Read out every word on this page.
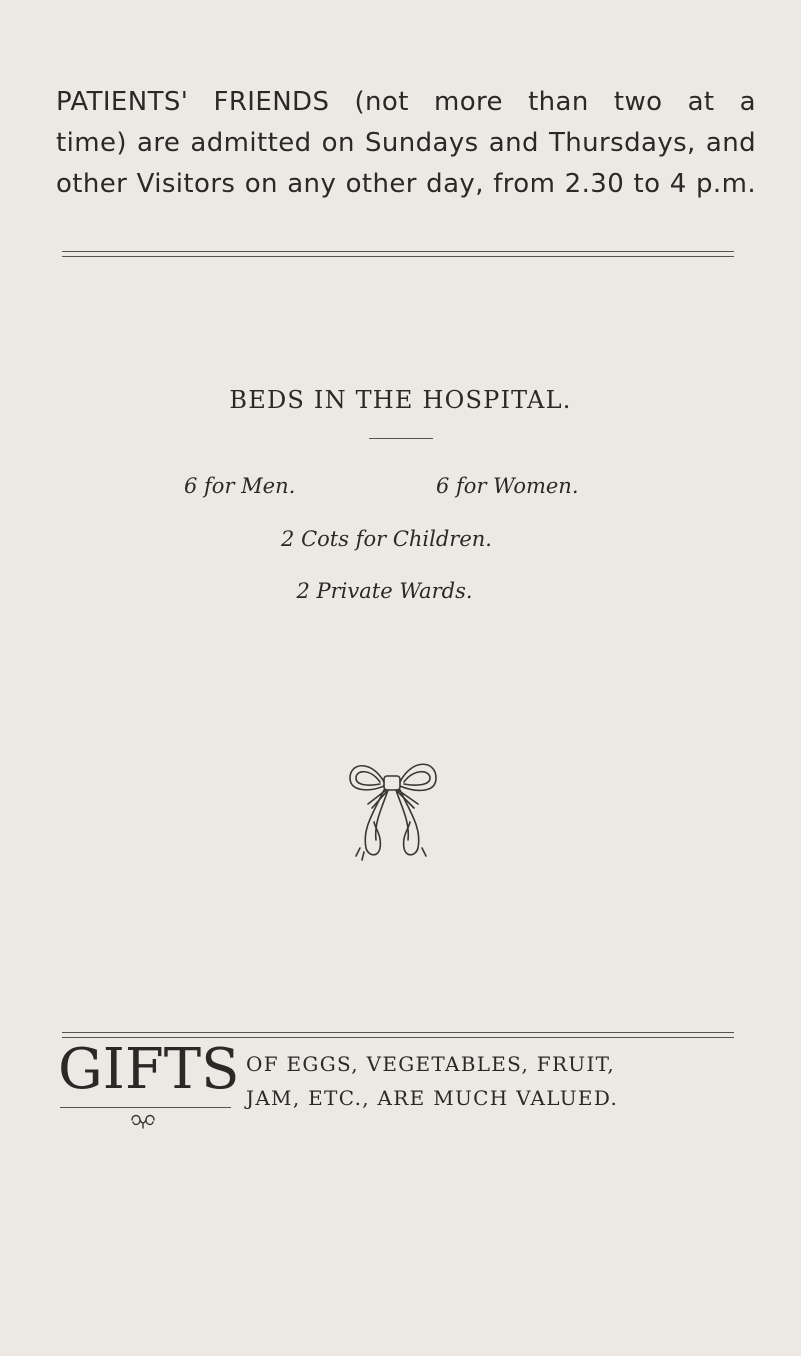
PATIENTS' FRIENDS (not more than two at a

time) are admitted on Sundays and Thursdays, and

other Visitors on any other day, from 2.30 to 4 p.m.

BEDS IN THE HOSPITAL.
6 for Men.	6 for Women.
2 Cots for Children.
2 Private Wards.
GIFTS OF EGGS, VEGETABLES, FRUIT,
JAM, ETC., ARE MUCH VALUED.
